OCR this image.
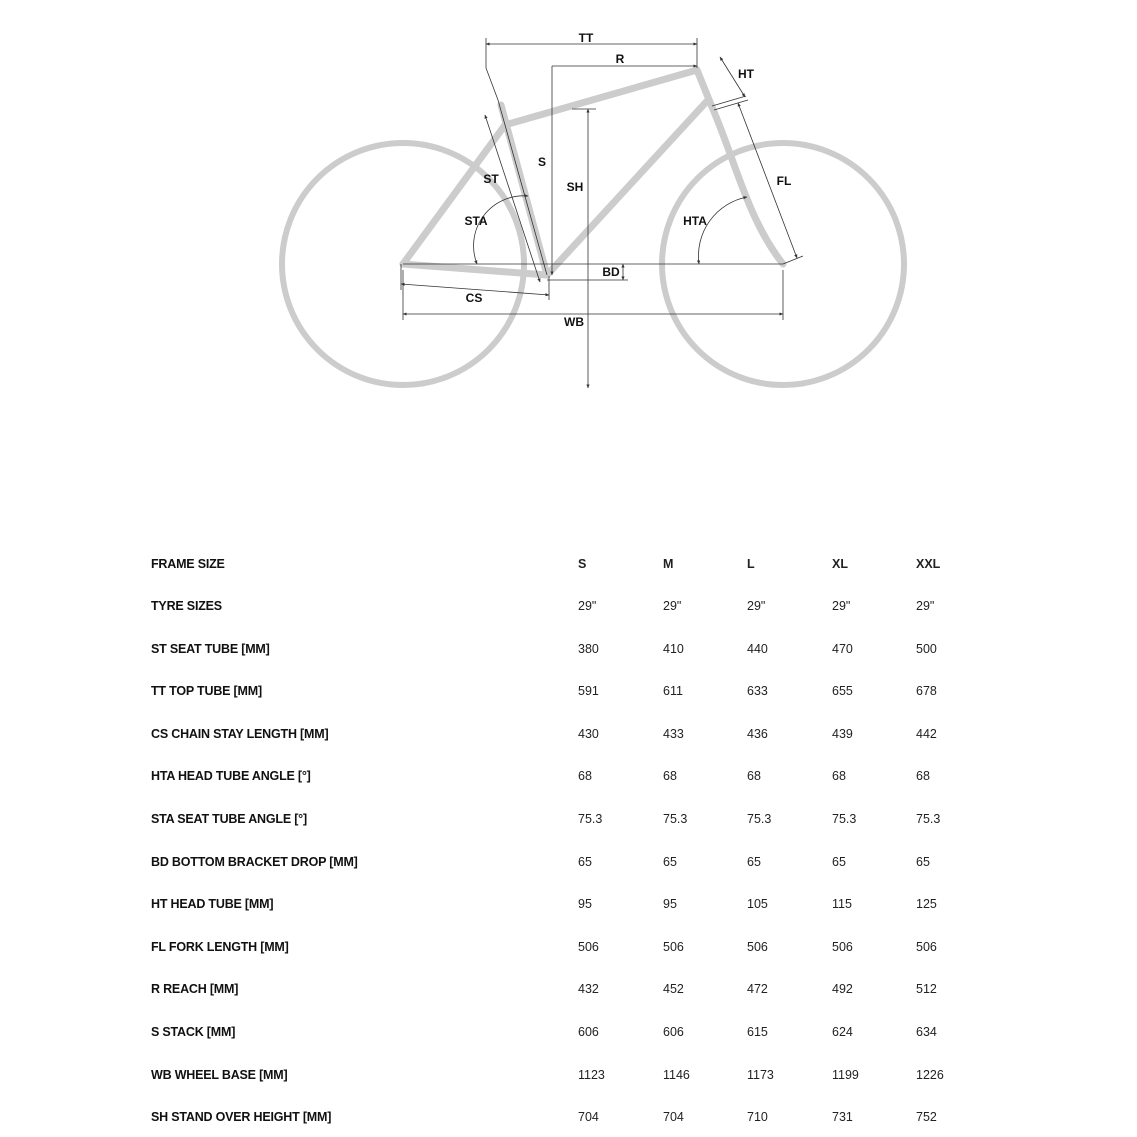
TT
R
HT
S
ST
SH
STA	HTA
FL
BD
CS
WB
FRAME SIZE	S	M	L	XL	XXL
TYRE SIZES	29"	29"	29"	29"	29"
ST SEAT TUBE [MM]	380	410	440	470	500
TT TOP TUBE [MM]	591	611	633	655	678
CS CHAIN STAY LENGTH [MM]	430	433	436	439	442
HTA HEAD TUBE ANGLE [°]	68	68	68	68	68
STA SEAT TUBE ANGLE [°]	75.3	75.3	75.3	75.3	75.3
BD BOTTOM BRACKET DROP [MM]	65	65	65	65	65
HT HEAD TUBE [MM]	95	95	105	115	125
FL FORK LENGTH [MM]	506	506	506	506	506
R REACH [MM]	432	452	472	492	512
S STACK [MM]	606	606	615	624	634
WB WHEEL BASE [MM]	1123	1146	1173	1199	1226
SH STAND OVER HEIGHT [MM]	704	704	710	731	752
